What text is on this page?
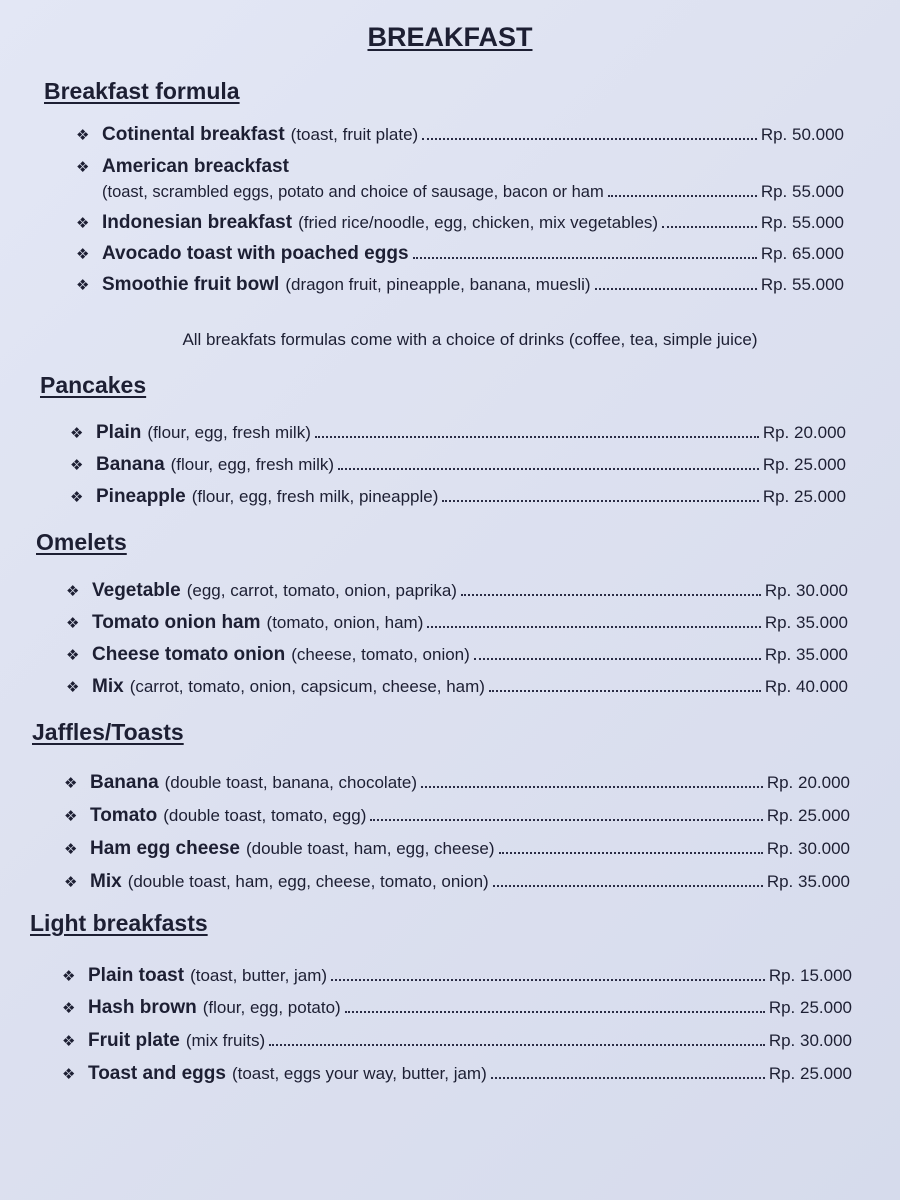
BREAKFAST
Breakfast formula
❖ Cotinental breakfast (toast, fruit plate)	Rp. 50.000
❖ American breackfast
(toast, scrambled eggs, potato and choice of sausage, bacon or ham	Rp. 55.000
❖ Indonesian breakfast (fried rice/noodle, egg, chicken, mix vegetables)	Rp. 55.000
❖ Avocado toast with poached eggs	Rp. 65.000
❖ Smoothie fruit bowl (dragon fruit, pineapple, banana, muesli)	Rp. 55.000
All breakfats formulas come with a choice of drinks (coffee, tea, simple juice)
Pancakes
❖ Plain (flour, egg, fresh milk)	Rp. 20.000
❖ Banana (flour, egg, fresh milk)	Rp. 25.000
❖ Pineapple (flour, egg, fresh milk, pineapple)	Rp. 25.000
Omelets
❖ Vegetable (egg, carrot, tomato, onion, paprika)	Rp. 30.000
❖ Tomato onion ham (tomato, onion, ham)	Rp. 35.000
❖ Cheese tomato onion (cheese, tomato, onion)	Rp. 35.000
❖ Mix (carrot, tomato, onion, capsicum, cheese, ham)	Rp. 40.000
Jaffles/Toasts
❖ Banana (double toast, banana, chocolate)	Rp. 20.000
❖ Tomato (double toast, tomato, egg)	Rp. 25.000
❖ Ham egg cheese (double toast, ham, egg, cheese)	Rp. 30.000
❖ Mix (double toast, ham, egg, cheese, tomato, onion)	Rp. 35.000
Light breakfasts
❖ Plain toast (toast, butter, jam)	Rp. 15.000
❖ Hash brown (flour, egg, potato)	Rp. 25.000
❖ Fruit plate (mix fruits)	Rp. 30.000
❖ Toast and eggs (toast, eggs your way, butter, jam)	Rp. 25.000
